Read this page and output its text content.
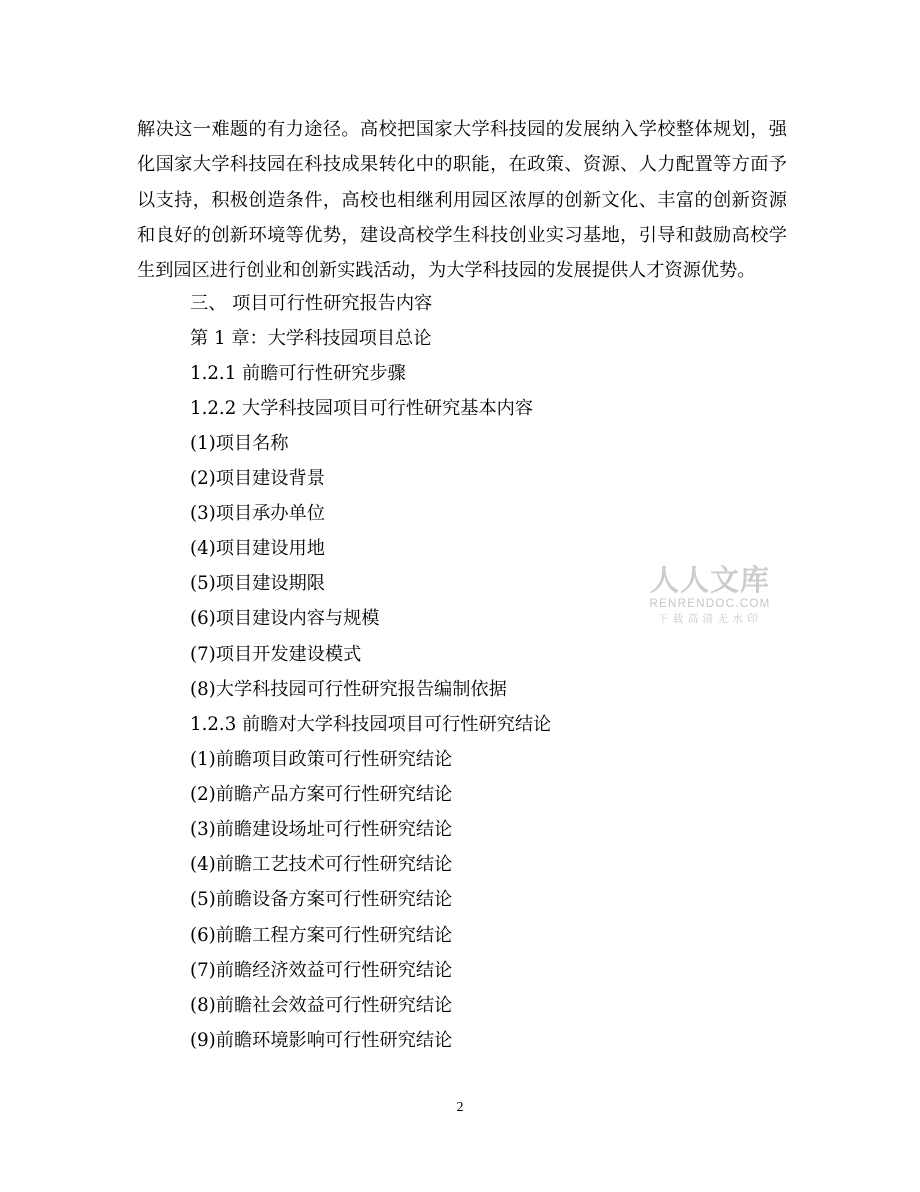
解决这一难题的有力途径。高校把国家大学科技园的发展纳入学校整体规划，强化国家大学科技园在科技成果转化中的职能，在政策、资源、人力配置等方面予以支持，积极创造条件，高校也相继利用园区浓厚的创新文化、丰富的创新资源和良好的创新环境等优势，建设高校学生科技创业实习基地，引导和鼓励高校学生到园区进行创业和创新实践活动，为大学科技园的发展提供人才资源优势。

三、 项目可行性研究报告内容

第 1 章：大学科技园项目总论

1.2.1 前瞻可行性研究步骤

1.2.2 大学科技园项目可行性研究基本内容

(1)项目名称

(2)项目建设背景

(3)项目承办单位

(4)项目建设用地

(5)项目建设期限

(6)项目建设内容与规模

(7)项目开发建设模式

(8)大学科技园可行性研究报告编制依据

1.2.3 前瞻对大学科技园项目可行性研究结论

(1)前瞻项目政策可行性研究结论

(2)前瞻产品方案可行性研究结论

(3)前瞻建设场址可行性研究结论

(4)前瞻工艺技术可行性研究结论

(5)前瞻设备方案可行性研究结论

(6)前瞻工程方案可行性研究结论

(7)前瞻经济效益可行性研究结论

(8)前瞻社会效益可行性研究结论

(9)前瞻环境影响可行性研究结论

人人文库
RENRENDOC.COM
下载高清无水印
2
